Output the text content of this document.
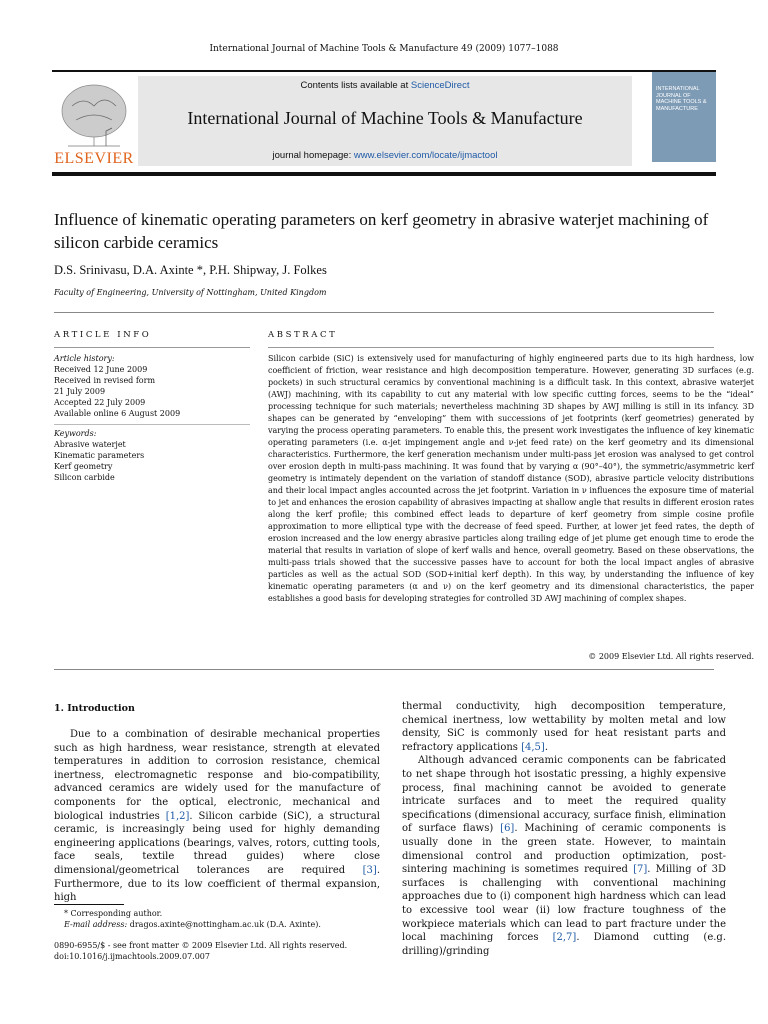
International Journal of Machine Tools & Manufacture 49 (2009) 1077–1088
ELSEVIER
Contents lists available at ScienceDirect
International Journal of Machine Tools & Manufacture
journal homepage: www.elsevier.com/locate/ijmactool
INTERNATIONAL JOURNAL OF MACHINE TOOLS & MANUFACTURE
Influence of kinematic operating parameters on kerf geometry in abrasive waterjet machining of silicon carbide ceramics
D.S. Srinivasu, D.A. Axinte *, P.H. Shipway, J. Folkes
Faculty of Engineering, University of Nottingham, United Kingdom
ARTICLE INFO	ABSTRACT
Article history:
Received 12 June 2009
Received in revised form
21 July 2009
Accepted 22 July 2009
Available online 6 August 2009
Keywords:
Abrasive waterjet
Kinematic parameters
Kerf geometry
Silicon carbide
Silicon carbide (SiC) is extensively used for manufacturing of highly engineered parts due to its high hardness, low coefficient of friction, wear resistance and high decomposition temperature. However, generating 3D surfaces (e.g. pockets) in such structural ceramics by conventional machining is a difficult task. In this context, abrasive waterjet (AWJ) machining, with its capability to cut any material with low specific cutting forces, seems to be the “ideal” processing technique for such materials; nevertheless machining 3D shapes by AWJ milling is still in its infancy. 3D shapes can be generated by “enveloping” them with successions of jet footprints (kerf geometries) generated by varying the process operating parameters. To enable this, the present work investigates the influence of key kinematic operating parameters (i.e. α-jet impingement angle and ν-jet feed rate) on the kerf geometry and its dimensional characteristics. Furthermore, the kerf generation mechanism under multi-pass jet erosion was analysed to get control over erosion depth in multi-pass machining. It was found that by varying α (90°–40°), the symmetric/asymmetric kerf geometry is intimately dependent on the variation of standoff distance (SOD), abrasive particle velocity distributions and their local impact angles accounted across the jet footprint. Variation in ν influences the exposure time of material to jet and enhances the erosion capability of abrasives impacting at shallow angle that results in different erosion rates along the kerf profile; this combined effect leads to departure of kerf geometry from simple cosine profile approximation to more elliptical type with the decrease of feed speed. Further, at lower jet feed rates, the depth of erosion increased and the low energy abrasive particles along trailing edge of jet plume get enough time to erode the material that results in variation of slope of kerf walls and hence, overall geometry. Based on these observations, the multi-pass trials showed that the successive passes have to account for both the local impact angles of abrasive particles as well as the actual SOD (SOD+initial kerf depth). In this way, by understanding the influence of key kinematic operating parameters (α and ν) on the kerf geometry and its dimensional characteristics, the paper establishes a good basis for developing strategies for controlled 3D AWJ machining of complex shapes.
© 2009 Elsevier Ltd. All rights reserved.
1. Introduction

Due to a combination of desirable mechanical properties such as high hardness, wear resistance, strength at elevated temperatures in addition to corrosion resistance, chemical inertness, electromagnetic response and bio-compatibility, advanced ceramics are widely used for the manufacture of components for the optical, electronic, mechanical and biological industries [1,2]. Silicon carbide (SiC), a structural ceramic, is increasingly being used for highly demanding engineering applications (bearings, valves, rotors, cutting tools, face seals, textile thread guides) where close dimensional/geometrical tolerances are required [3]. Furthermore, due to its low coefficient of thermal expansion, high

thermal conductivity, high decomposition temperature, chemical inertness, low wettability by molten metal and low density, SiC is commonly used for heat resistant parts and refractory applications [4,5].

Although advanced ceramic components can be fabricated to net shape through hot isostatic pressing, a highly expensive process, final machining cannot be avoided to generate intricate surfaces and to meet the required quality specifications (dimensional accuracy, surface finish, elimination of surface flaws) [6]. Machining of ceramic components is usually done in the green state. However, to maintain dimensional control and production optimization, post-sintering machining is sometimes required [7]. Milling of 3D surfaces is challenging with conventional machining approaches due to (i) component high hardness which can lead to excessive tool wear (ii) low fracture toughness of the workpiece materials which can lead to part fracture under the local machining forces [2,7]. Diamond cutting (e.g. drilling)/grinding

* Corresponding author.
E-mail address: dragos.axinte@nottingham.ac.uk (D.A. Axinte).
0890-6955/$ - see front matter © 2009 Elsevier Ltd. All rights reserved.
doi:10.1016/j.ijmachtools.2009.07.007
